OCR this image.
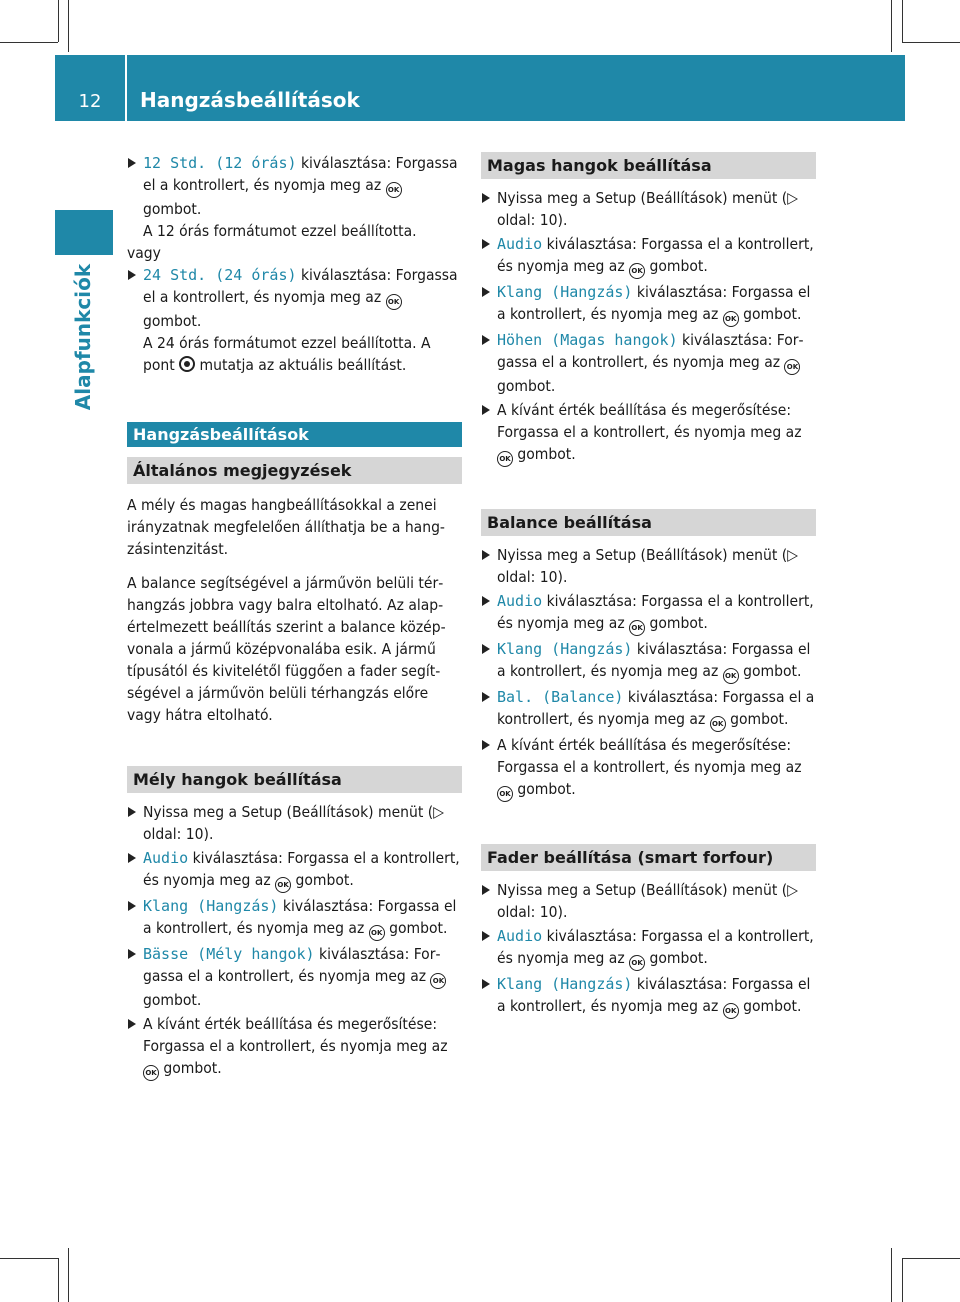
12	Hangzásbeállítások
Alapfunkciók
12 Std. (12 órás) kiválasztása: Forgassa el a kontrollert, és nyomja meg az OK gombot.
A 12 órás formátumot ezzel beállította.
vagy
24 Std. (24 órás) kiválasztása: Forgassa el a kontrollert, és nyomja meg az OK gombot.
A 24 órás formátumot ezzel beállította. A pont  mutatja az aktuális beállítást.
Hangzásbeállítások
Általános megjegyzések
A mély és magas hangbeállításokkal a zenei irányzatnak megfelelően állíthatja be a hangzásintenzitást.
A balance segítségével a járművön belüli térhangzás jobbra vagy balra eltolható. Az alapértelmezett beállítás szerint a balance középvonala a jármű középvonalába esik. A jármű típusától és kivitelétől függően a fader segítségével a járművön belüli térhangzás előre vagy hátra eltolható.
Mély hangok beállítása
Nyissa meg a Setup (Beállítások) menüt (▷ oldal: 10).
Audio kiválasztása: Forgassa el a kontrollert, és nyomja meg az OK gombot.
Klang (Hangzás) kiválasztása: Forgassa el a kontrollert, és nyomja meg az OK gombot.
Bässe (Mély hangok) kiválasztása: Forgassa el a kontrollert, és nyomja meg az OK gombot.
A kívánt érték beállítása és megerősítése: Forgassa el a kontrollert, és nyomja meg az OK gombot.
Magas hangok beállítása
Nyissa meg a Setup (Beállítások) menüt (▷ oldal: 10).
Audio kiválasztása: Forgassa el a kontrollert, és nyomja meg az OK gombot.
Klang (Hangzás) kiválasztása: Forgassa el a kontrollert, és nyomja meg az OK gombot.
Höhen (Magas hangok) kiválasztása: Forgassa el a kontrollert, és nyomja meg az OK gombot.
A kívánt érték beállítása és megerősítése: Forgassa el a kontrollert, és nyomja meg az OK gombot.
Balance beállítása
Nyissa meg a Setup (Beállítások) menüt (▷ oldal: 10).
Audio kiválasztása: Forgassa el a kontrollert, és nyomja meg az OK gombot.
Klang (Hangzás) kiválasztása: Forgassa el a kontrollert, és nyomja meg az OK gombot.
Bal. (Balance) kiválasztása: Forgassa el a kontrollert, és nyomja meg az OK gombot.
A kívánt érték beállítása és megerősítése: Forgassa el a kontrollert, és nyomja meg az OK gombot.
Fader beállítása (smart forfour)
Nyissa meg a Setup (Beállítások) menüt (▷ oldal: 10).
Audio kiválasztása: Forgassa el a kontrollert, és nyomja meg az OK gombot.
Klang (Hangzás) kiválasztása: Forgassa el a kontrollert, és nyomja meg az OK gombot.
